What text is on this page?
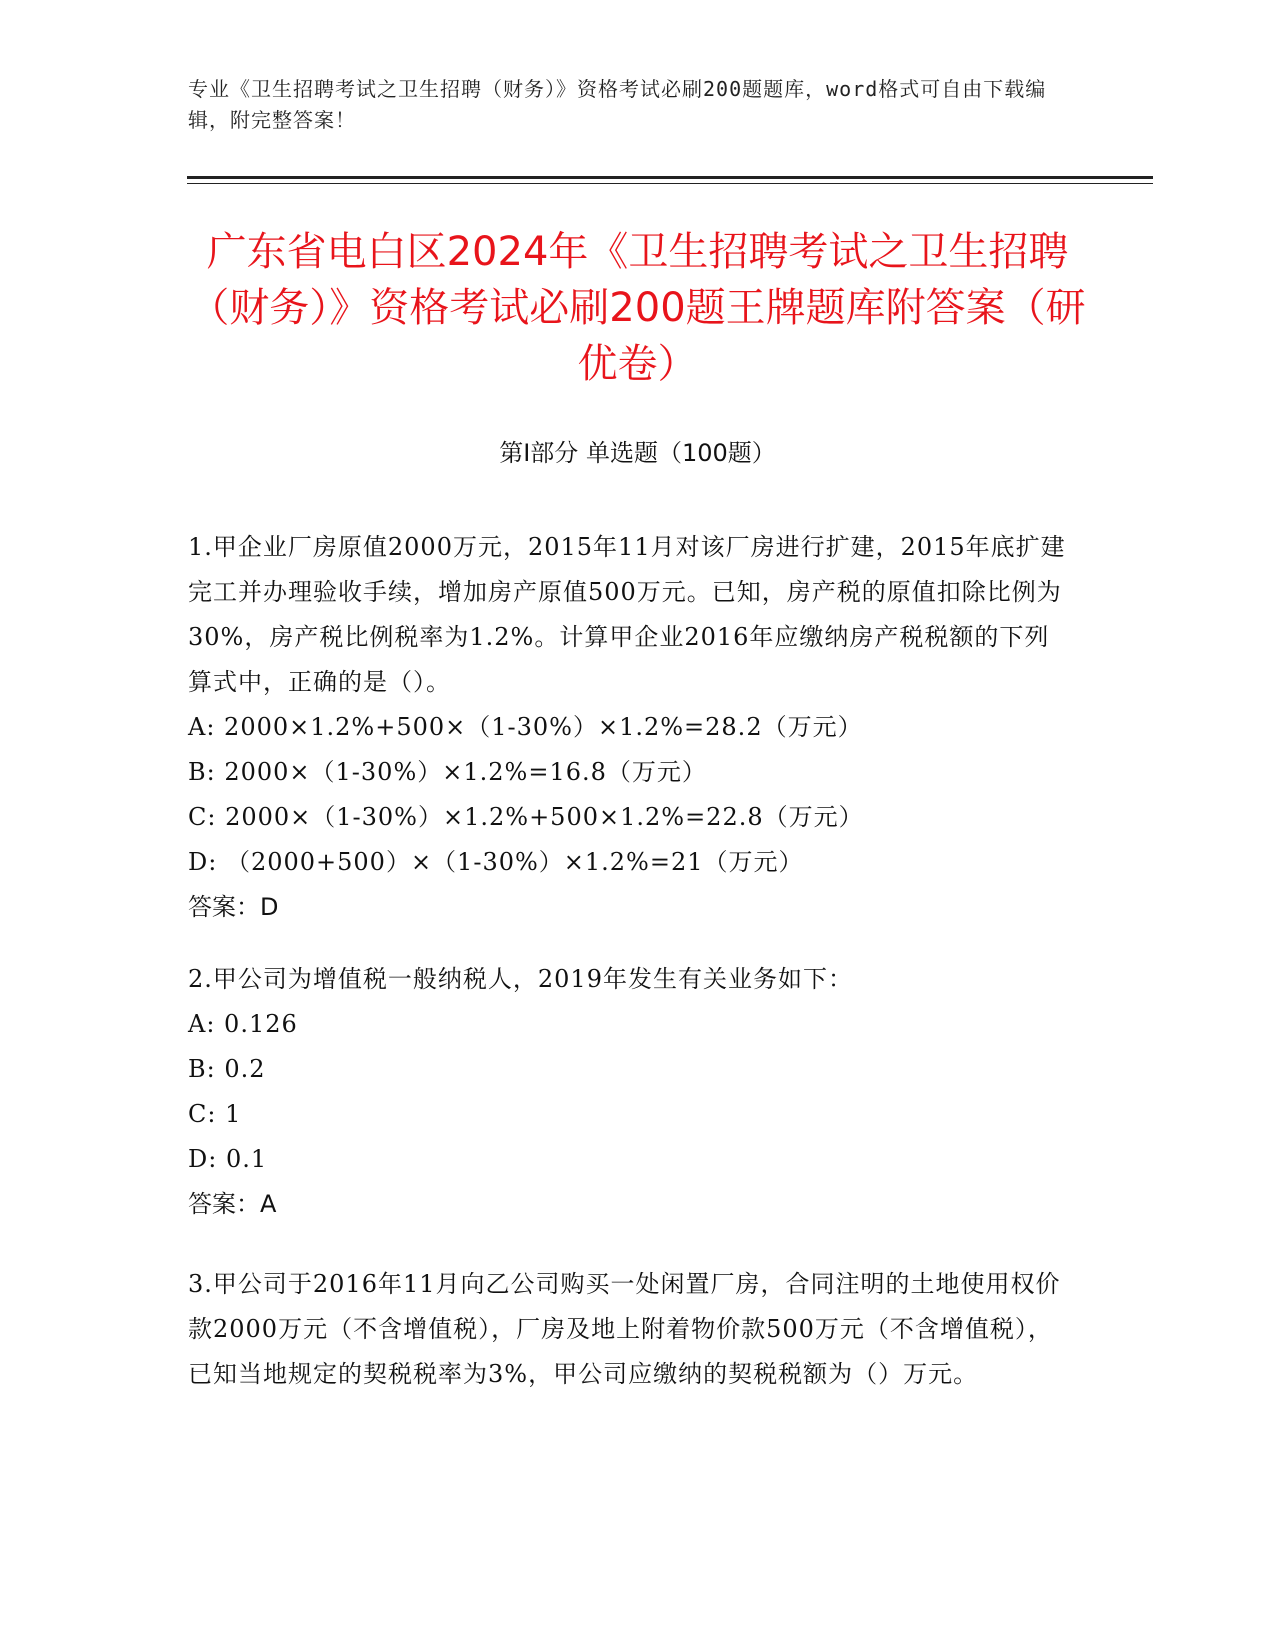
专业《卫生招聘考试之卫生招聘（财务）》资格考试必刷200题题库，word格式可自由下载编辑，附完整答案！
广东省电白区2024年《卫生招聘考试之卫生招聘（财务）》资格考试必刷200题王牌题库附答案（研优卷）
第I部分 单选题（100题）

1.甲企业厂房原值2000万元，2015年11月对该厂房进行扩建，2015年底扩建完工并办理验收手续，增加房产原值500万元。已知，房产税的原值扣除比例为30%，房产税比例税率为1.2%。计算甲企业2016年应缴纳房产税税额的下列算式中，正确的是（）。

A: 2000×1.2%+500×（1-30%）×1.2%=28.2（万元）

B: 2000×（1-30%）×1.2%=16.8（万元）

C: 2000×（1-30%）×1.2%+500×1.2%=22.8（万元）

D: （2000+500）×（1-30%）×1.2%=21（万元）

答案：D

2.甲公司为增值税一般纳税人，2019年发生有关业务如下：

A: 0.126

B: 0.2

C: 1

D: 0.1

答案：A

3.甲公司于2016年11月向乙公司购买一处闲置厂房，合同注明的土地使用权价款2000万元（不含增值税），厂房及地上附着物价款500万元（不含增值税），已知当地规定的契税税率为3%，甲公司应缴纳的契税税额为（）万元。
